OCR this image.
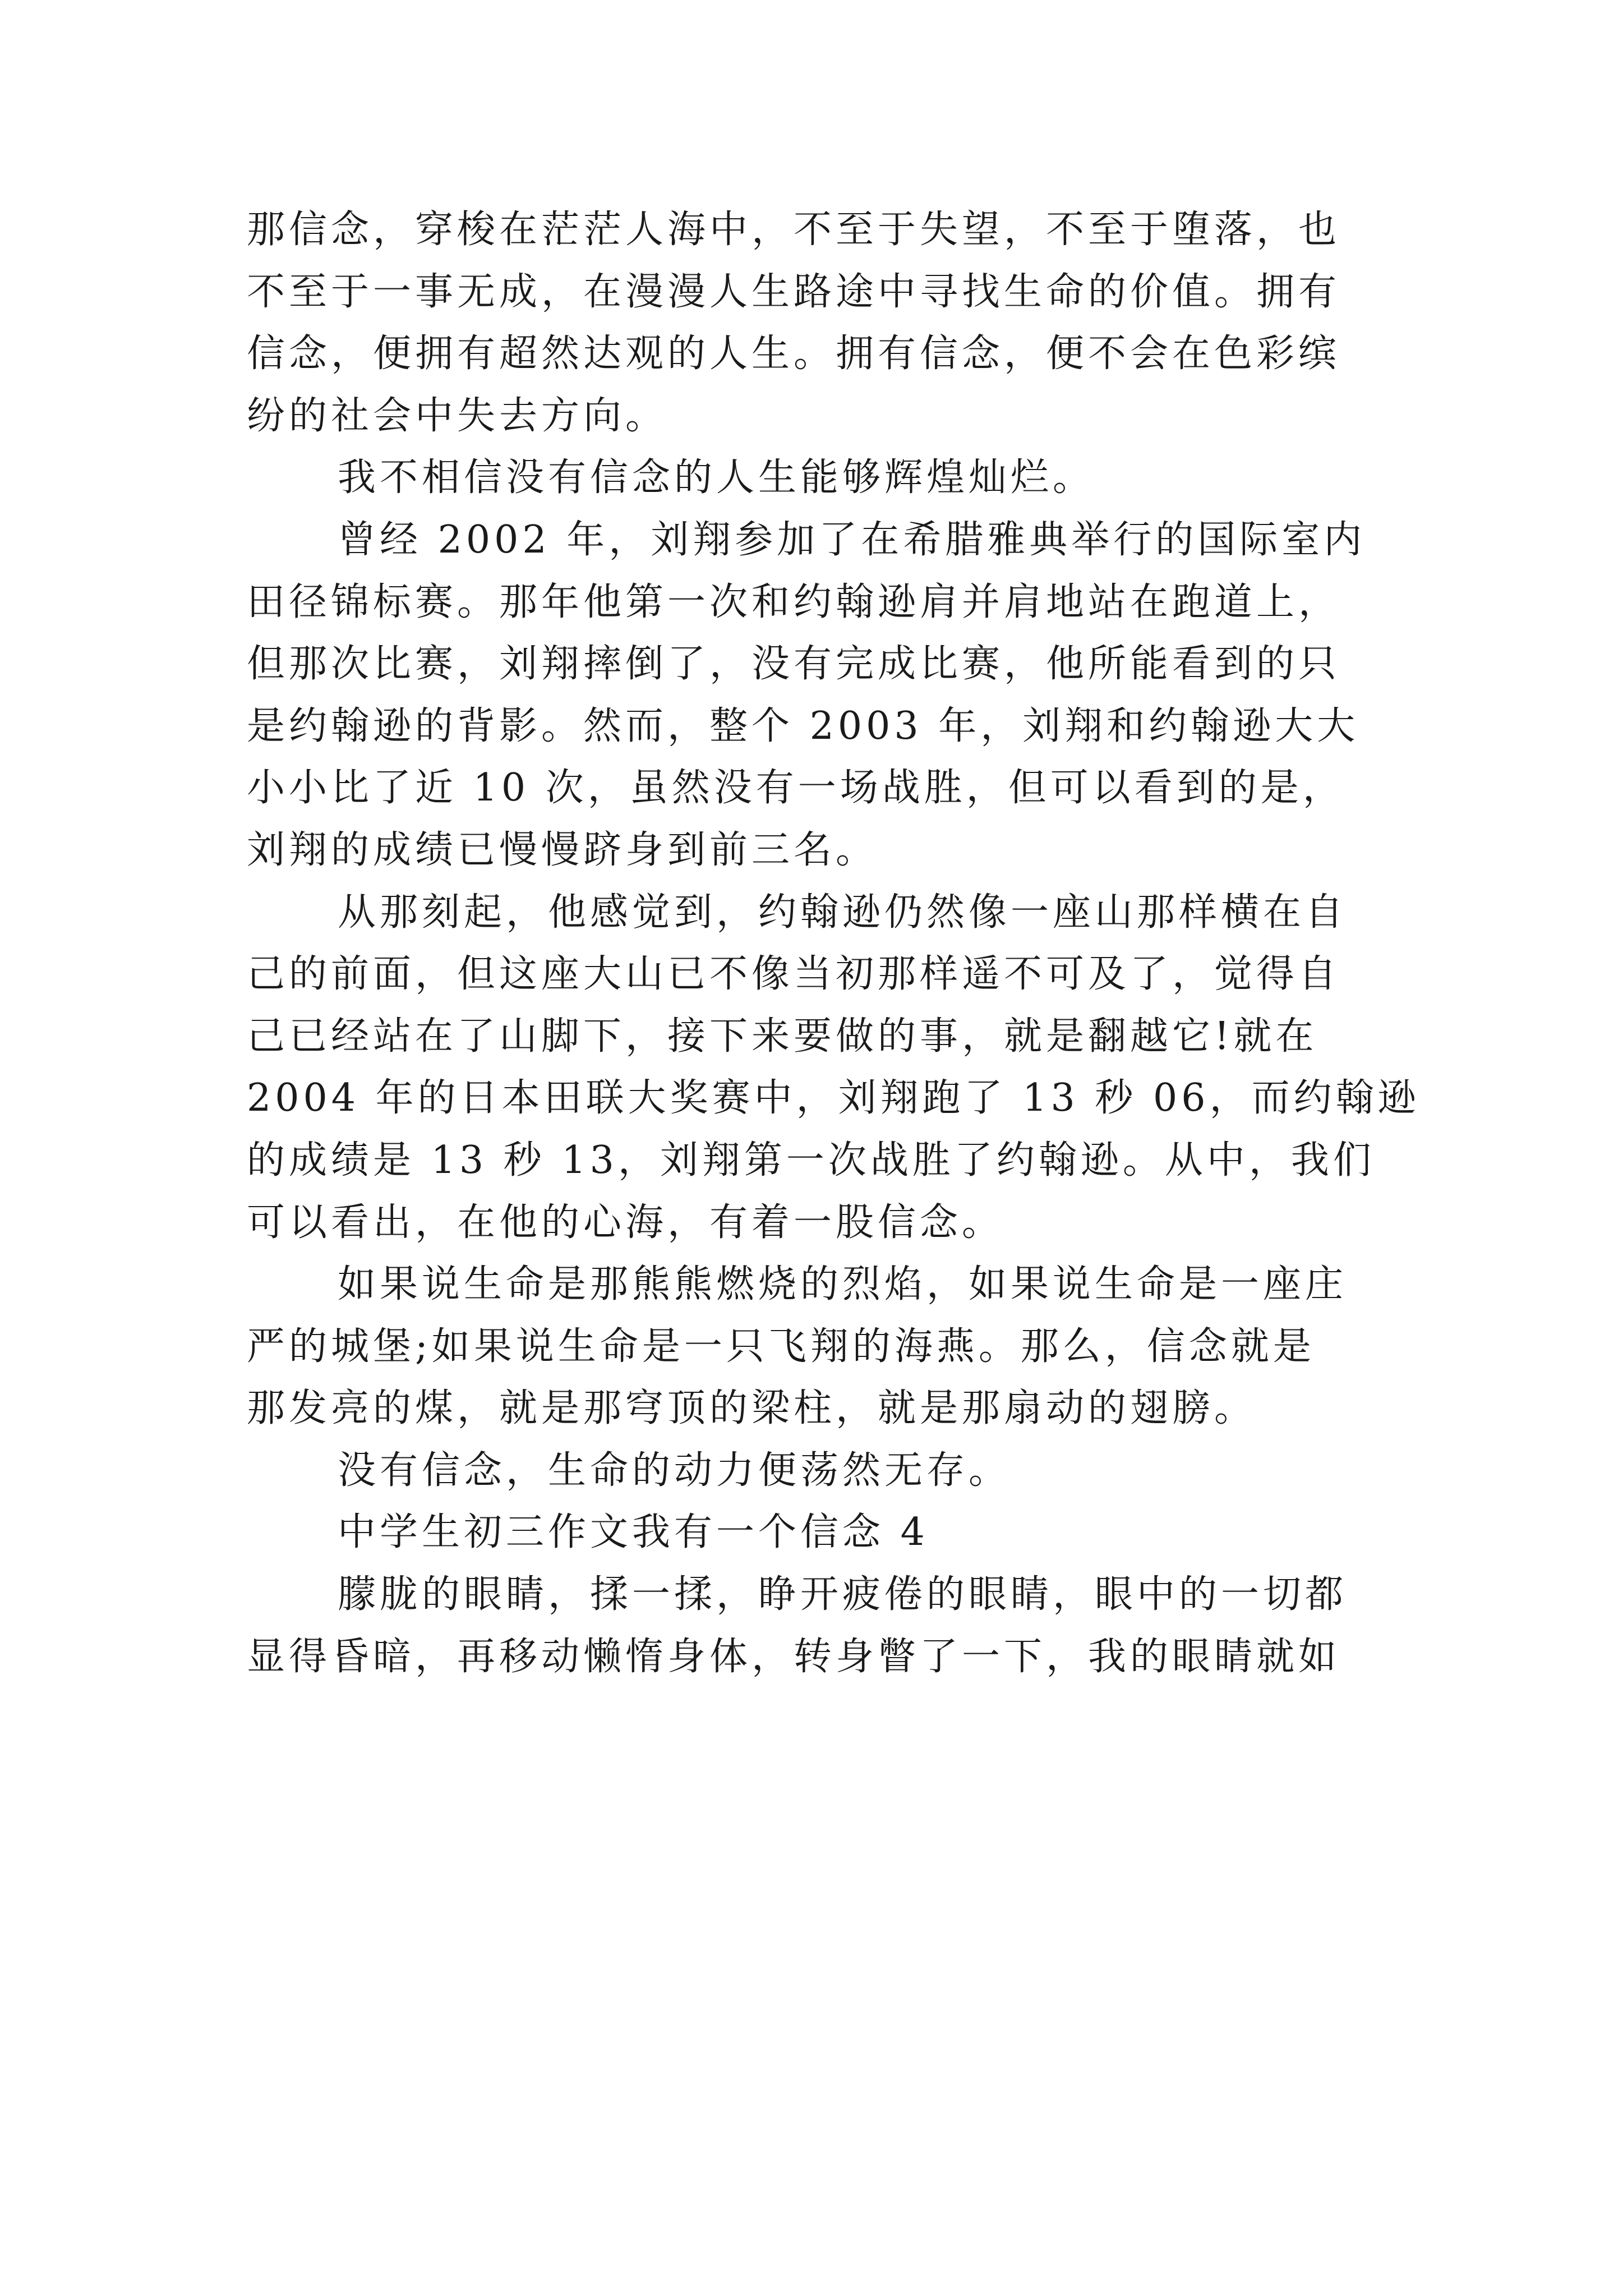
那信念，穿梭在茫茫人海中，不至于失望，不至于堕落，也
不至于一事无成，在漫漫人生路途中寻找生命的价值。拥有
信念，便拥有超然达观的人生。拥有信念，便不会在色彩缤
纷的社会中失去方向。
我不相信没有信念的人生能够辉煌灿烂。
曾经 2002 年，刘翔参加了在希腊雅典举行的国际室内
田径锦标赛。那年他第一次和约翰逊肩并肩地站在跑道上，
但那次比赛，刘翔摔倒了，没有完成比赛，他所能看到的只
是约翰逊的背影。然而，整个 2003 年，刘翔和约翰逊大大
小小比了近 10 次，虽然没有一场战胜，但可以看到的是，
刘翔的成绩已慢慢跻身到前三名。
从那刻起，他感觉到，约翰逊仍然像一座山那样横在自
己的前面，但这座大山已不像当初那样遥不可及了，觉得自
己已经站在了山脚下，接下来要做的事，就是翻越它!就在
2004 年的日本田联大奖赛中，刘翔跑了 13 秒 06，而约翰逊
的成绩是 13 秒 13，刘翔第一次战胜了约翰逊。从中，我们
可以看出，在他的心海，有着一股信念。
如果说生命是那熊熊燃烧的烈焰，如果说生命是一座庄
严的城堡;如果说生命是一只飞翔的海燕。那么，信念就是
那发亮的煤，就是那穹顶的梁柱，就是那扇动的翅膀。
没有信念，生命的动力便荡然无存。
中学生初三作文我有一个信念 4
朦胧的眼睛，揉一揉，睁开疲倦的眼睛，眼中的一切都
显得昏暗，再移动懒惰身体，转身瞥了一下，我的眼睛就如
